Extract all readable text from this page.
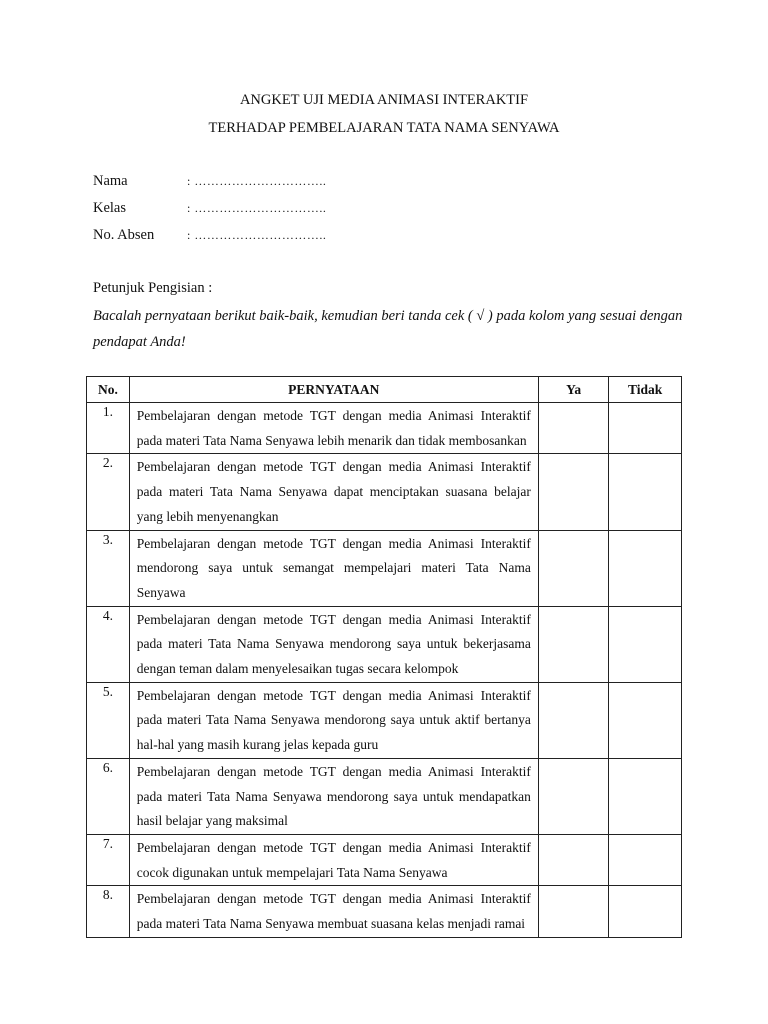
ANGKET UJI MEDIA ANIMASI INTERAKTIF
TERHADAP PEMBELAJARAN TATA NAMA SENYAWA
Nama	: …………………………..
Kelas	: …………………………..
No. Absen	: …………………………..
Petunjuk Pengisian :
Bacalah pernyataan berikut baik-baik, kemudian beri tanda cek ( √ ) pada kolom yang sesuai dengan pendapat Anda!
No.	PERNYATAAN	Ya	Tidak
1.	Pembelajaran dengan metode TGT dengan media Animasi Interaktif pada materi Tata Nama Senyawa lebih menarik dan tidak membosankan		
2.	Pembelajaran dengan metode TGT dengan media Animasi Interaktif pada materi Tata Nama Senyawa dapat menciptakan suasana belajar yang lebih menyenangkan		
3.	Pembelajaran dengan metode TGT dengan media Animasi Interaktif mendorong saya untuk semangat mempelajari materi Tata Nama Senyawa		
4.	Pembelajaran dengan metode TGT dengan media Animasi Interaktif pada materi Tata Nama Senyawa mendorong saya untuk bekerjasama dengan teman dalam menyelesaikan tugas secara kelompok		
5.	Pembelajaran dengan metode TGT dengan media Animasi Interaktif pada materi Tata Nama Senyawa mendorong saya untuk aktif bertanya hal-hal yang masih kurang jelas kepada guru		
6.	Pembelajaran dengan metode TGT dengan media Animasi Interaktif pada materi Tata Nama Senyawa mendorong saya untuk mendapatkan hasil belajar yang maksimal		
7.	Pembelajaran dengan metode TGT dengan media Animasi Interaktif cocok digunakan untuk mempelajari Tata Nama Senyawa		
8.	Pembelajaran dengan metode TGT dengan media Animasi Interaktif pada materi Tata Nama Senyawa membuat suasana kelas menjadi ramai		
